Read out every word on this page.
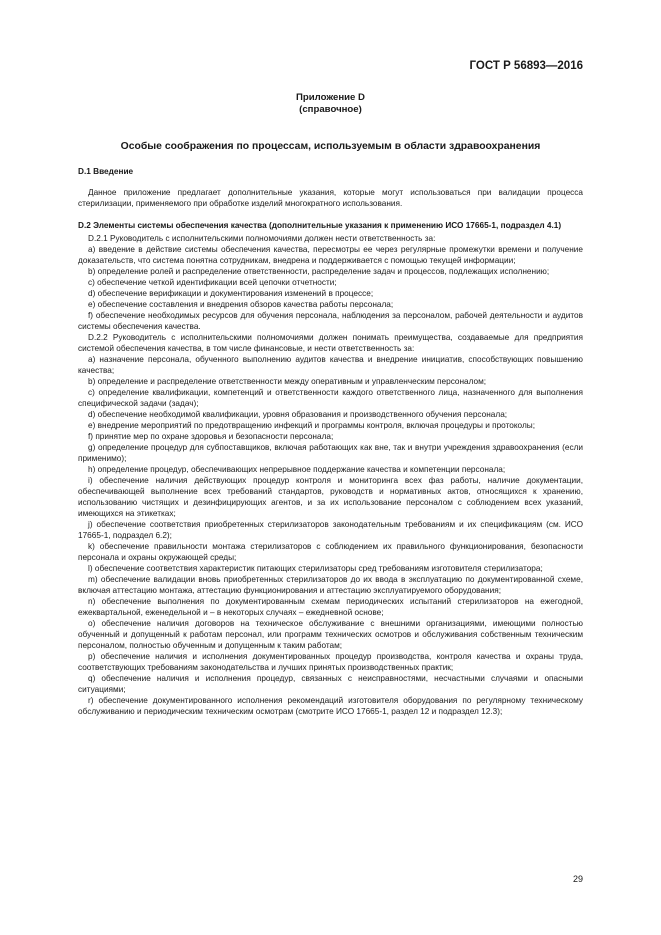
ГОСТ Р 56893—2016
Приложение D
(справочное)
Особые соображения по процессам, используемым в области здравоохранения

D.1 Введение

Данное приложение предлагает дополнительные указания, которые могут использоваться при валидации процесса стерилизации, применяемого при обработке изделий многократного использования.

D.2 Элементы системы обеспечения качества (дополнительные указания к применению ИСО 17665-1, подраздел 4.1)

D.2.1 Руководитель с исполнительскими полномочиями должен нести ответственность за:

а) введение в действие системы обеспечения качества, пересмотры ее через регулярные промежутки времени и получение доказательств, что система понятна сотрудникам, внедрена и поддерживается с помощью текущей информации;

b) определение ролей и распределение ответственности, распределение задач и процессов, подлежащих исполнению;

c) обеспечение четкой идентификации всей цепочки отчетности;

d) обеспечение верификации и документирования изменений в процессе;

e) обеспечение составления и внедрения обзоров качества работы персонала;

f) обеспечение необходимых ресурсов для обучения персонала, наблюдения за персоналом, рабочей деятельности и аудитов системы обеспечения качества.

D.2.2 Руководитель с исполнительскими полномочиями должен понимать преимущества, создаваемые для предприятия системой обеспечения качества, в том числе финансовые, и нести ответственность за:

а) назначение персонала, обученного выполнению аудитов качества и внедрение инициатив, способствующих повышению качества;

b) определение и распределение ответственности между оперативным и управленческим персоналом;

c) определение квалификации, компетенций и ответственности каждого ответственного лица, назначенного для выполнения специфической задачи (задач);

d) обеспечение необходимой квалификации, уровня образования и производственного обучения персонала;

e) внедрение мероприятий по предотвращению инфекций и программы контроля, включая процедуры и протоколы;

f) принятие мер по охране здоровья и безопасности персонала;

g) определение процедур для субпоставщиков, включая работающих как вне, так и внутри учреждения здравоохранения (если применимо);

h) определение процедур, обеспечивающих непрерывное поддержание качества и компетенции персонала;

i) обеспечение наличия действующих процедур контроля и мониторинга всех фаз работы, наличие документации, обеспечивающей выполнение всех требований стандартов, руководств и нормативных актов, относящихся к хранению, использованию чистящих и дезинфицирующих агентов, и за их использование персоналом с соблюдением всех указаний, имеющихся на этикетках;

j) обеспечение соответствия приобретенных стерилизаторов законодательным требованиям и их спецификациям (см. ИСО 17665-1, подраздел 6.2);

k) обеспечение правильности монтажа стерилизаторов с соблюдением их правильного функционирования, безопасности персонала и охраны окружающей среды;

l) обеспечение соответствия характеристик питающих стерилизаторы сред требованиям изготовителя стерилизатора;

m) обеспечение валидации вновь приобретенных стерилизаторов до их ввода в эксплуатацию по документированной схеме, включая аттестацию монтажа, аттестацию функционирования и аттестацию эксплуатируемого оборудования;

n) обеспечение выполнения по документированным схемам периодических испытаний стерилизаторов на ежегодной, ежеквартальной, еженедельной и – в некоторых случаях – ежедневной основе;

o) обеспечение наличия договоров на техническое обслуживание с внешними организациями, имеющими полностью обученный и допущенный к работам персонал, или программ технических осмотров и обслуживания собственным техническим персоналом, полностью обученным и допущенным к таким работам;

p) обеспечение наличия и исполнения документированных процедур производства, контроля качества и охраны труда, соответствующих требованиям законодательства и лучших принятых производственных практик;

q) обеспечение наличия и исполнения процедур, связанных с неисправностями, несчастными случаями и опасными ситуациями;

r) обеспечение документированного исполнения рекомендаций изготовителя оборудования по регулярному техническому обслуживанию и периодическим техническим осмотрам (смотрите ИСО 17665-1, раздел 12 и подраздел 12.3);

29
